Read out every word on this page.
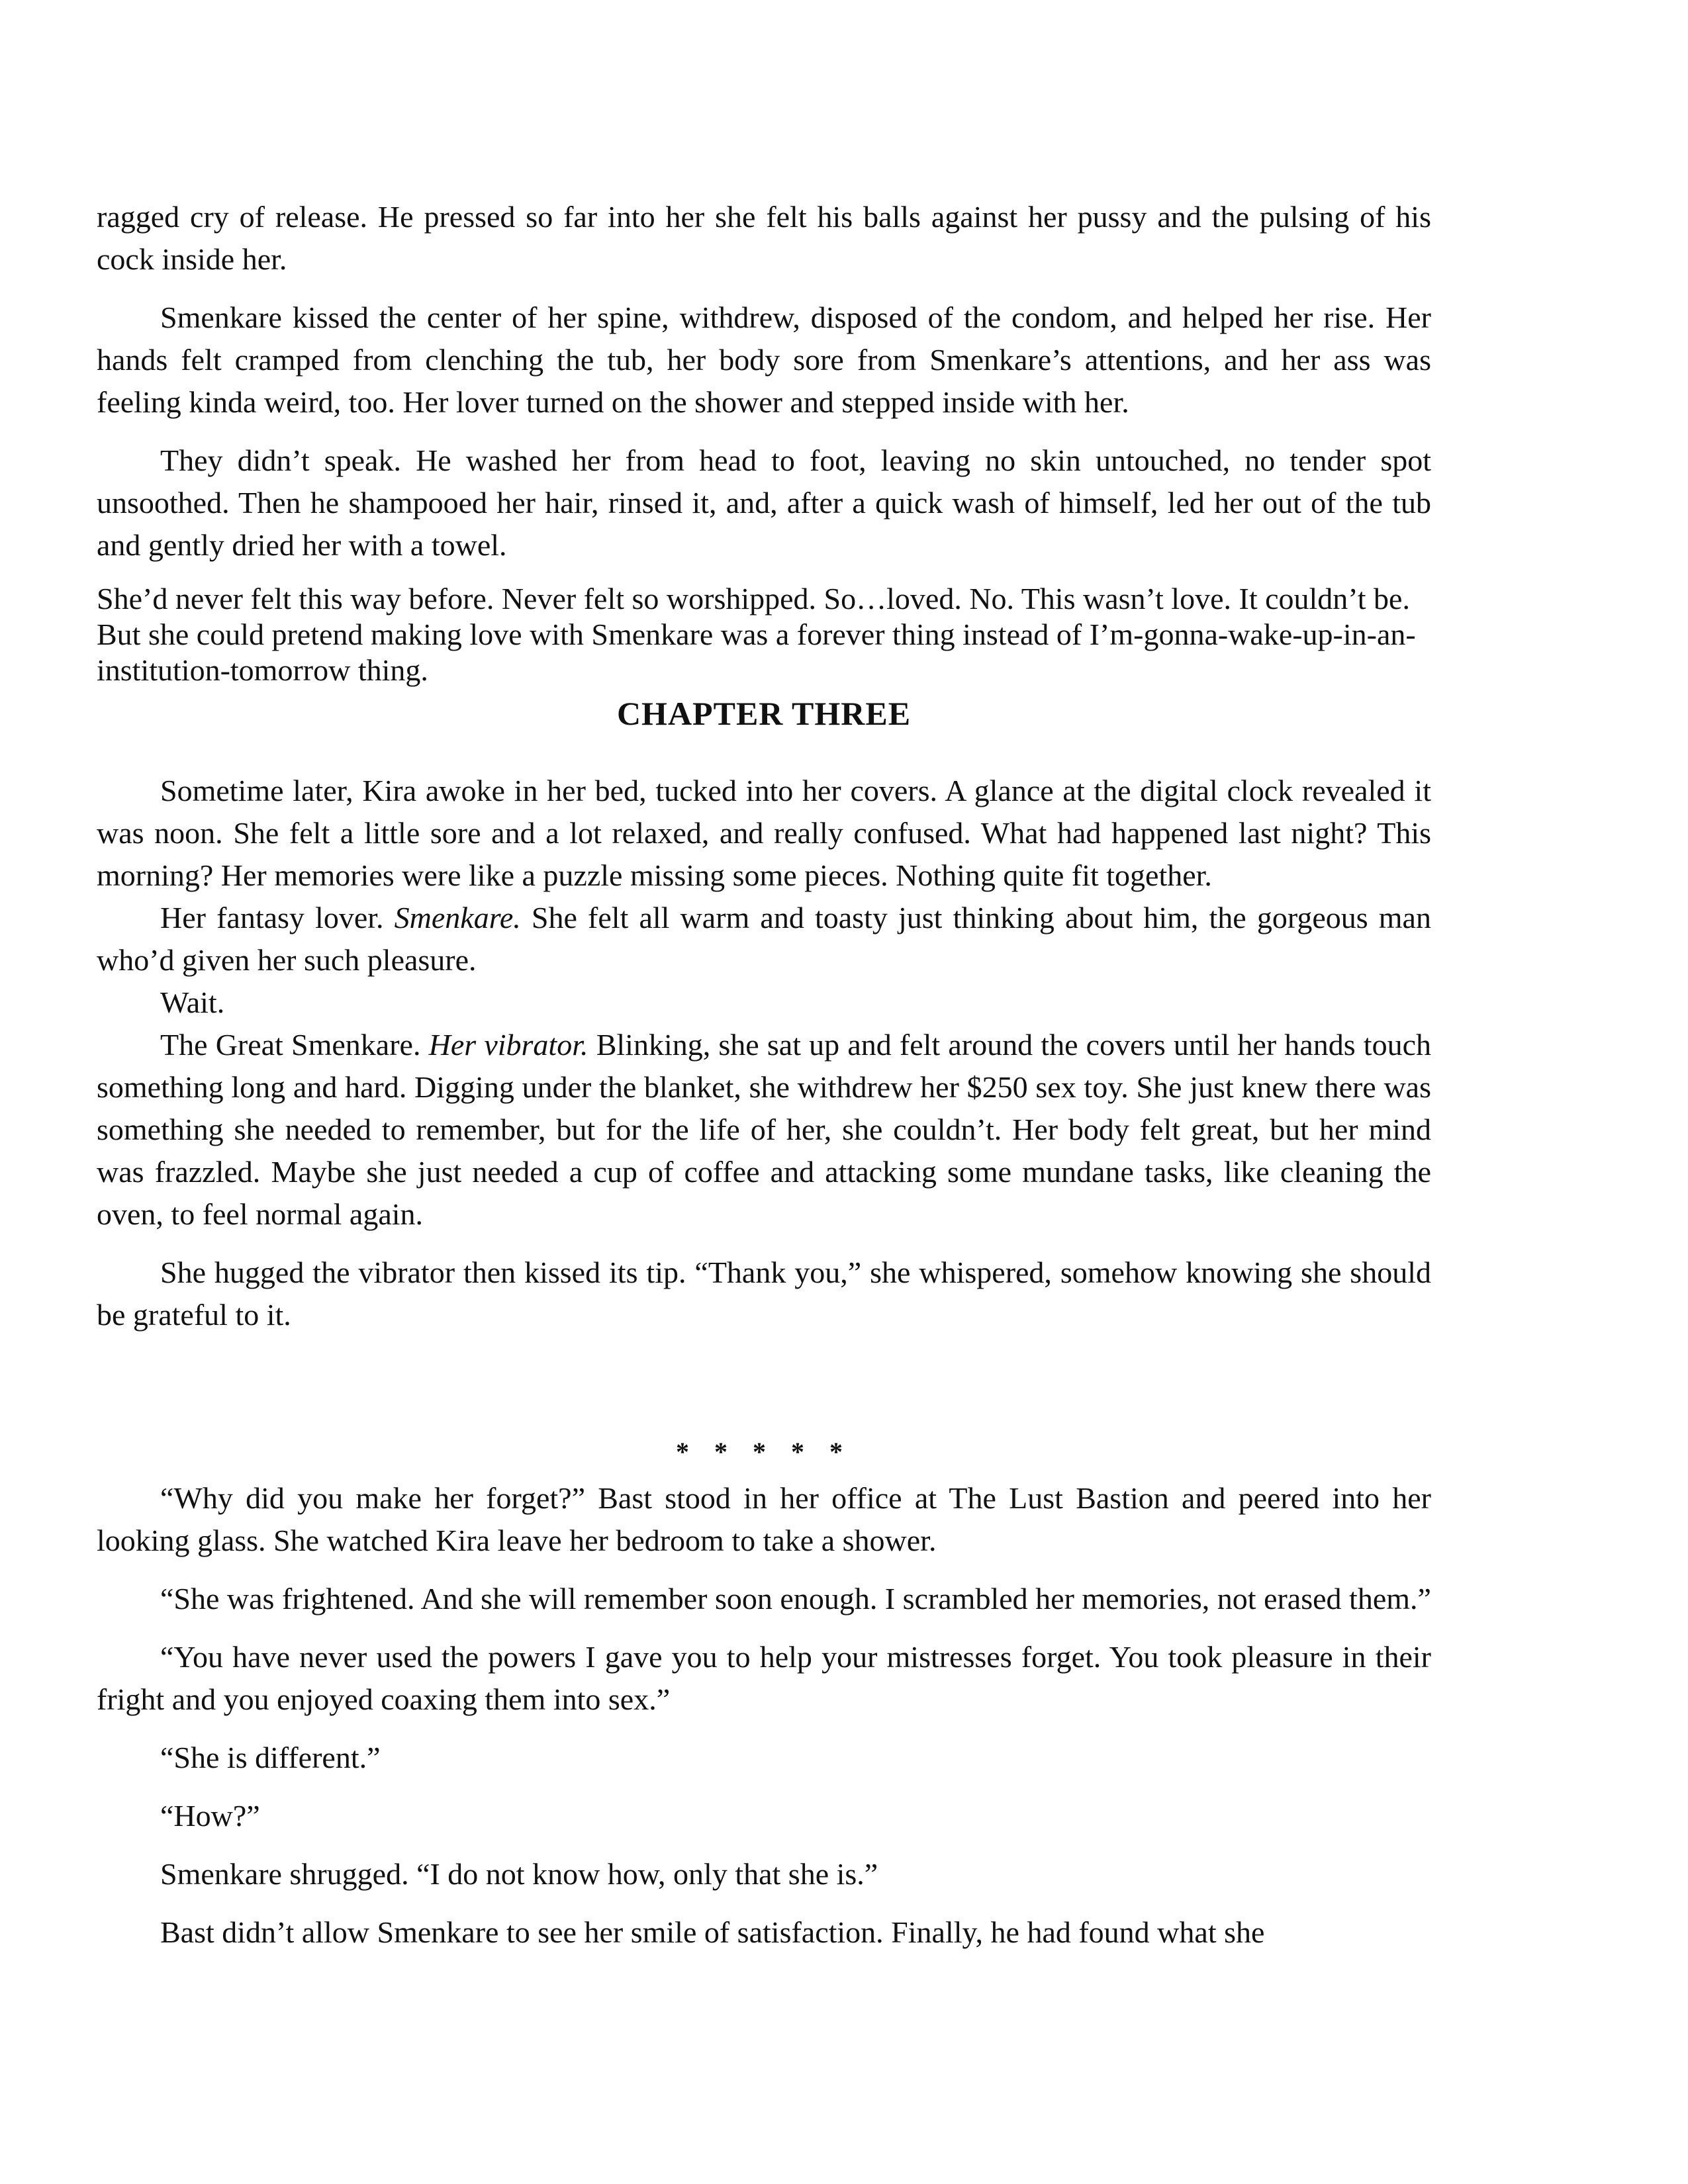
ragged cry of release. He pressed so far into her she felt his balls against her pussy and the pulsing of his cock inside her.

Smenkare kissed the center of her spine, withdrew, disposed of the condom, and helped her rise. Her hands felt cramped from clenching the tub, her body sore from Smenkare’s attentions, and her ass was feeling kinda weird, too. Her lover turned on the shower and stepped inside with her.

They didn’t speak. He washed her from head to foot, leaving no skin untouched, no tender spot unsoothed. Then he shampooed her hair, rinsed it, and, after a quick wash of himself, led her out of the tub and gently dried her with a towel.

She’d never felt this way before. Never felt so worshipped. So…loved. No. This wasn’t love. It couldn’t be. But she could pretend making love with Smenkare was a forever thing instead of I’m-gonna-wake-up-in-an-institution-tomorrow thing.

CHAPTER THREE

Sometime later, Kira awoke in her bed, tucked into her covers. A glance at the digital clock revealed it was noon. She felt a little sore and a lot relaxed, and really confused. What had happened last night? This morning? Her memories were like a puzzle missing some pieces. Nothing quite fit together.

Her fantasy lover. Smenkare. She felt all warm and toasty just thinking about him, the gorgeous man who’d given her such pleasure.

Wait.

The Great Smenkare. Her vibrator. Blinking, she sat up and felt around the covers until her hands touch something long and hard. Digging under the blanket, she withdrew her $250 sex toy. She just knew there was something she needed to remember, but for the life of her, she couldn’t. Her body felt great, but her mind was frazzled. Maybe she just needed a cup of coffee and attacking some mundane tasks, like cleaning the oven, to feel normal again.

She hugged the vibrator then kissed its tip. “Thank you,” she whispered, somehow knowing she should be grateful to it.

* * * * *

“Why did you make her forget?” Bast stood in her office at The Lust Bastion and peered into her looking glass. She watched Kira leave her bedroom to take a shower.

“She was frightened. And she will remember soon enough. I scrambled her memories, not erased them.”

“You have never used the powers I gave you to help your mistresses forget. You took pleasure in their fright and you enjoyed coaxing them into sex.”

“She is different.”

“How?”

Smenkare shrugged. “I do not know how, only that she is.”

Bast didn’t allow Smenkare to see her smile of satisfaction. Finally, he had found what she
